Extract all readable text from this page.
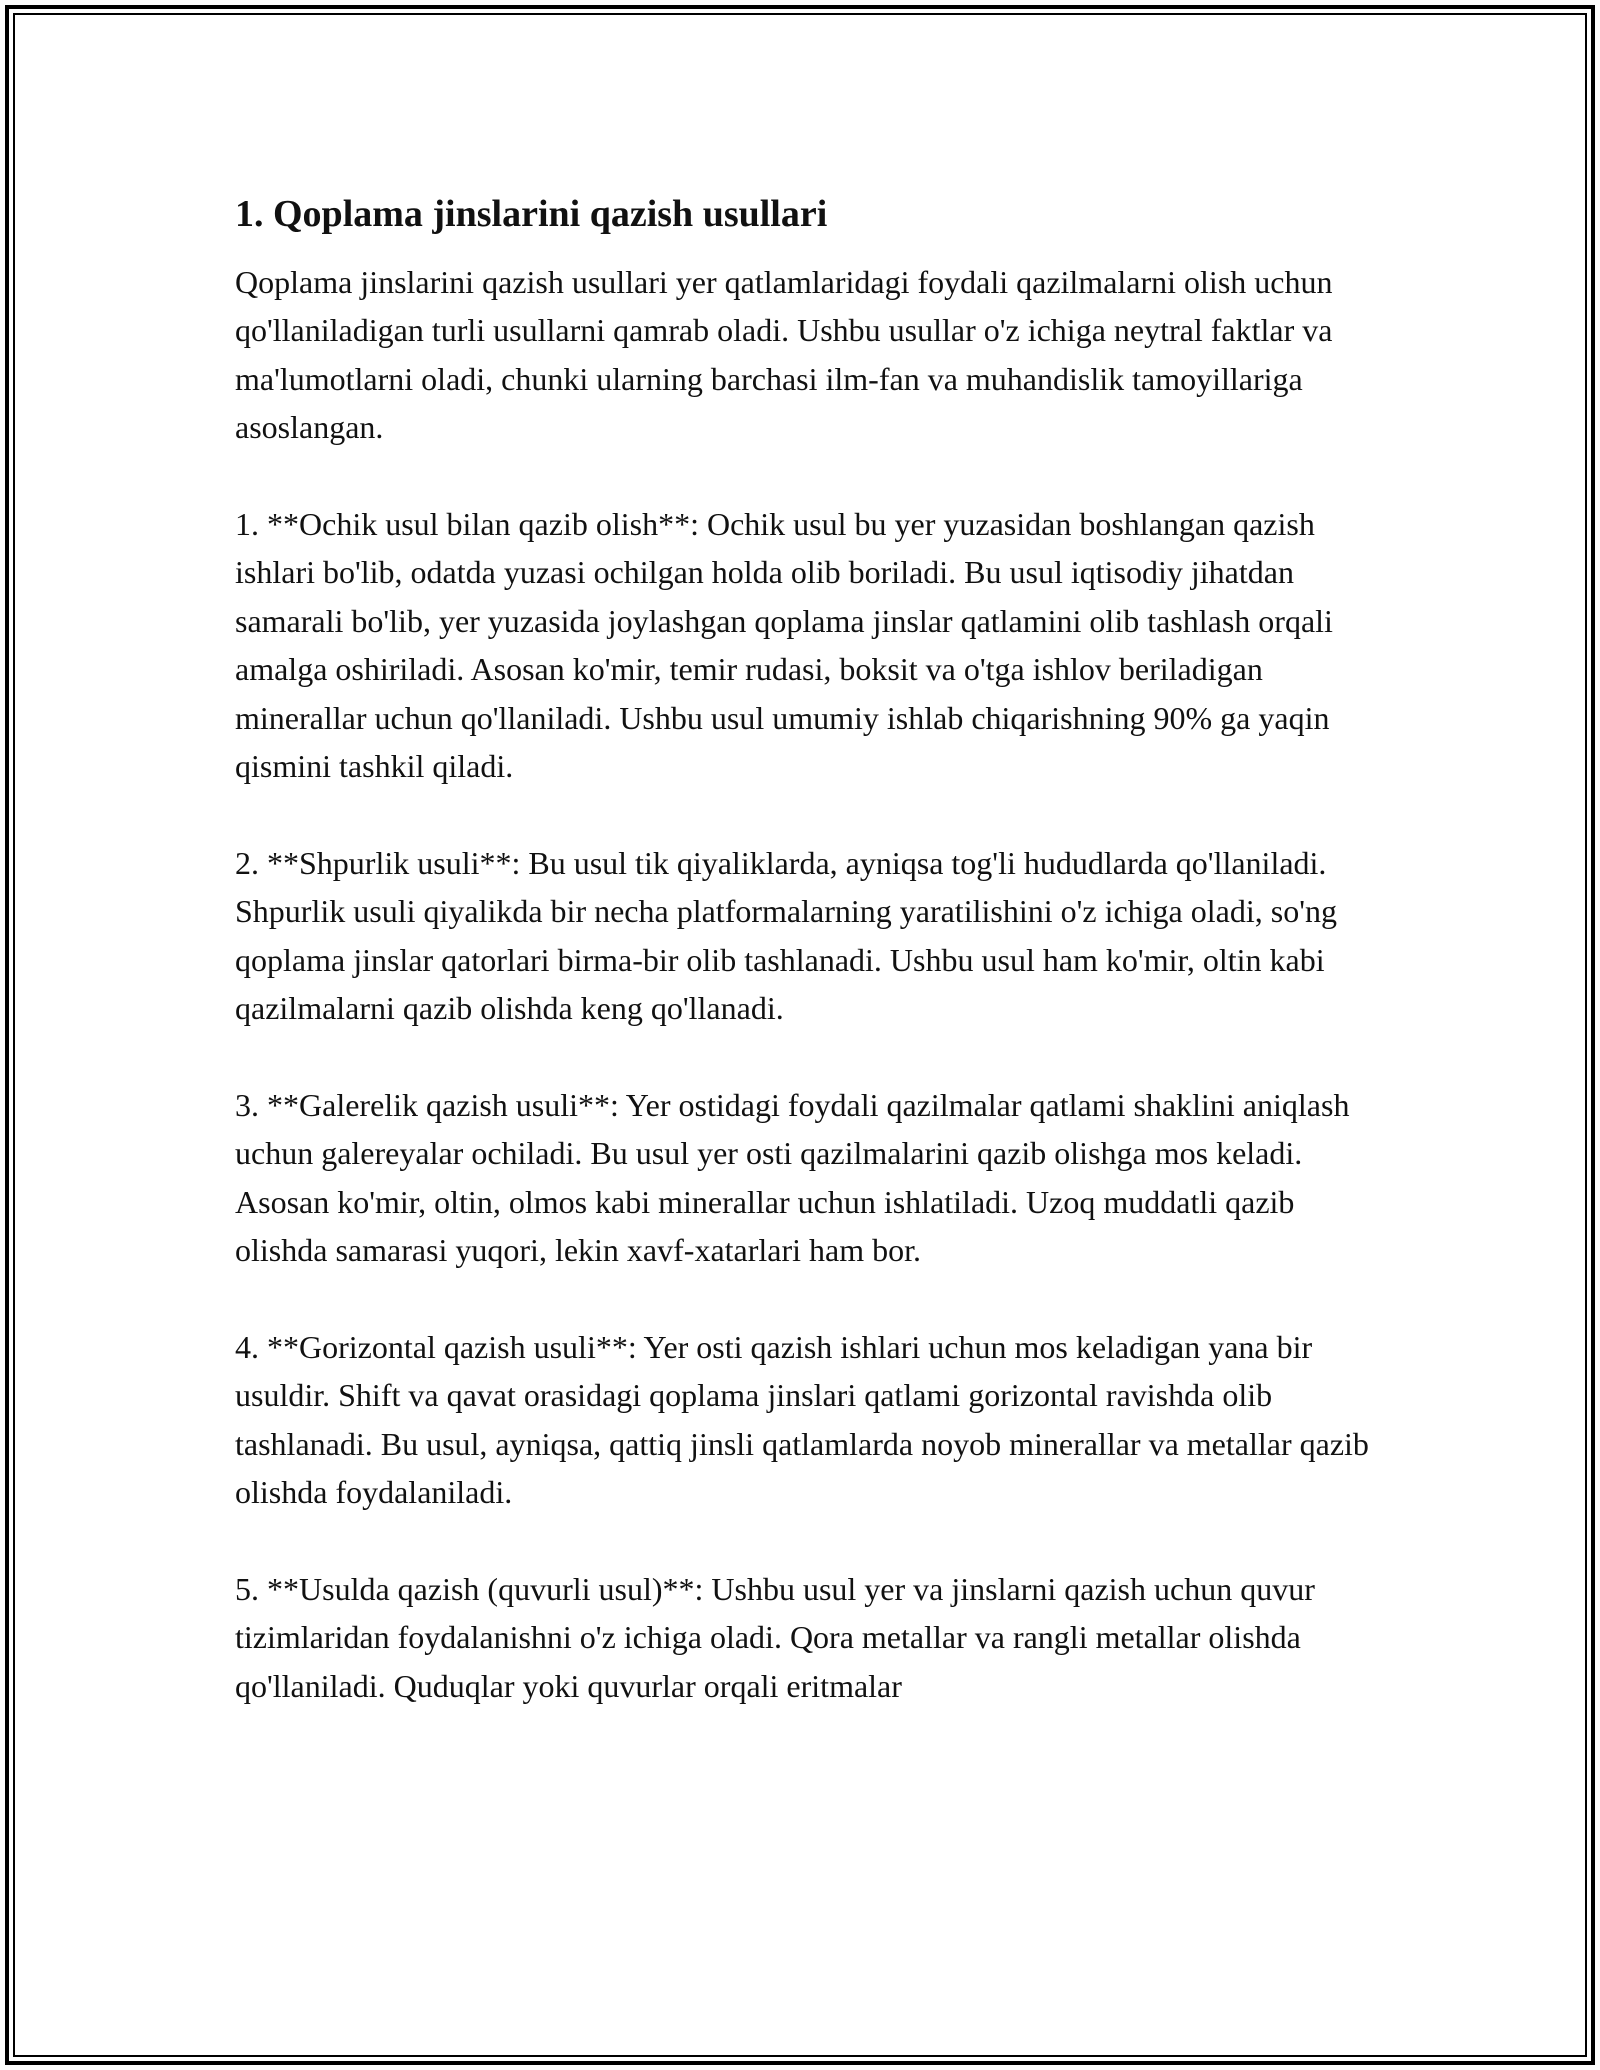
1. Qoplama jinslarini qazish usullari

Qoplama jinslarini qazish usullari yer qatlamlaridagi foydali qazilmalarni olish uchun qo'llaniladigan turli usullarni qamrab oladi. Ushbu usullar o'z ichiga neytral faktlar va ma'lumotlarni oladi, chunki ularning barchasi ilm-fan va muhandislik tamoyillariga asoslangan.

1. **Ochik usul bilan qazib olish**: Ochik usul bu yer yuzasidan boshlangan qazish ishlari bo'lib, odatda yuzasi ochilgan holda olib boriladi. Bu usul iqtisodiy jihatdan samarali bo'lib, yer yuzasida joylashgan qoplama jinslar qatlamini olib tashlash orqali amalga oshiriladi. Asosan ko'mir, temir rudasi, boksit va o'tga ishlov beriladigan minerallar uchun qo'llaniladi. Ushbu usul umumiy ishlab chiqarishning 90% ga yaqin qismini tashkil qiladi.

2. **Shpurlik usuli**: Bu usul tik qiyaliklarda, ayniqsa tog'li hududlarda qo'llaniladi. Shpurlik usuli qiyalikda bir necha platformalarning yaratilishini o'z ichiga oladi, so'ng qoplama jinslar qatorlari birma-bir olib tashlanadi. Ushbu usul ham ko'mir, oltin kabi qazilmalarni qazib olishda keng qo'llanadi.

3. **Galerelik qazish usuli**: Yer ostidagi foydali qazilmalar qatlami shaklini aniqlash uchun galereyalar ochiladi. Bu usul yer osti qazilmalarini qazib olishga mos keladi. Asosan ko'mir, oltin, olmos kabi minerallar uchun ishlatiladi. Uzoq muddatli qazib olishda samarasi yuqori, lekin xavf-xatarlari ham bor.

4. **Gorizontal qazish usuli**: Yer osti qazish ishlari uchun mos keladigan yana bir usuldir. Shift va qavat orasidagi qoplama jinslari qatlami gorizontal ravishda olib tashlanadi. Bu usul, ayniqsa, qattiq jinsli qatlamlarda noyob minerallar va metallar qazib olishda foydalaniladi.

5. **Usulda qazish (quvurli usul)**: Ushbu usul yer va jinslarni qazish uchun quvur tizimlaridan foydalanishni o'z ichiga oladi. Qora metallar va rangli metallar olishda qo'llaniladi. Quduqlar yoki quvurlar orqali eritmalar
